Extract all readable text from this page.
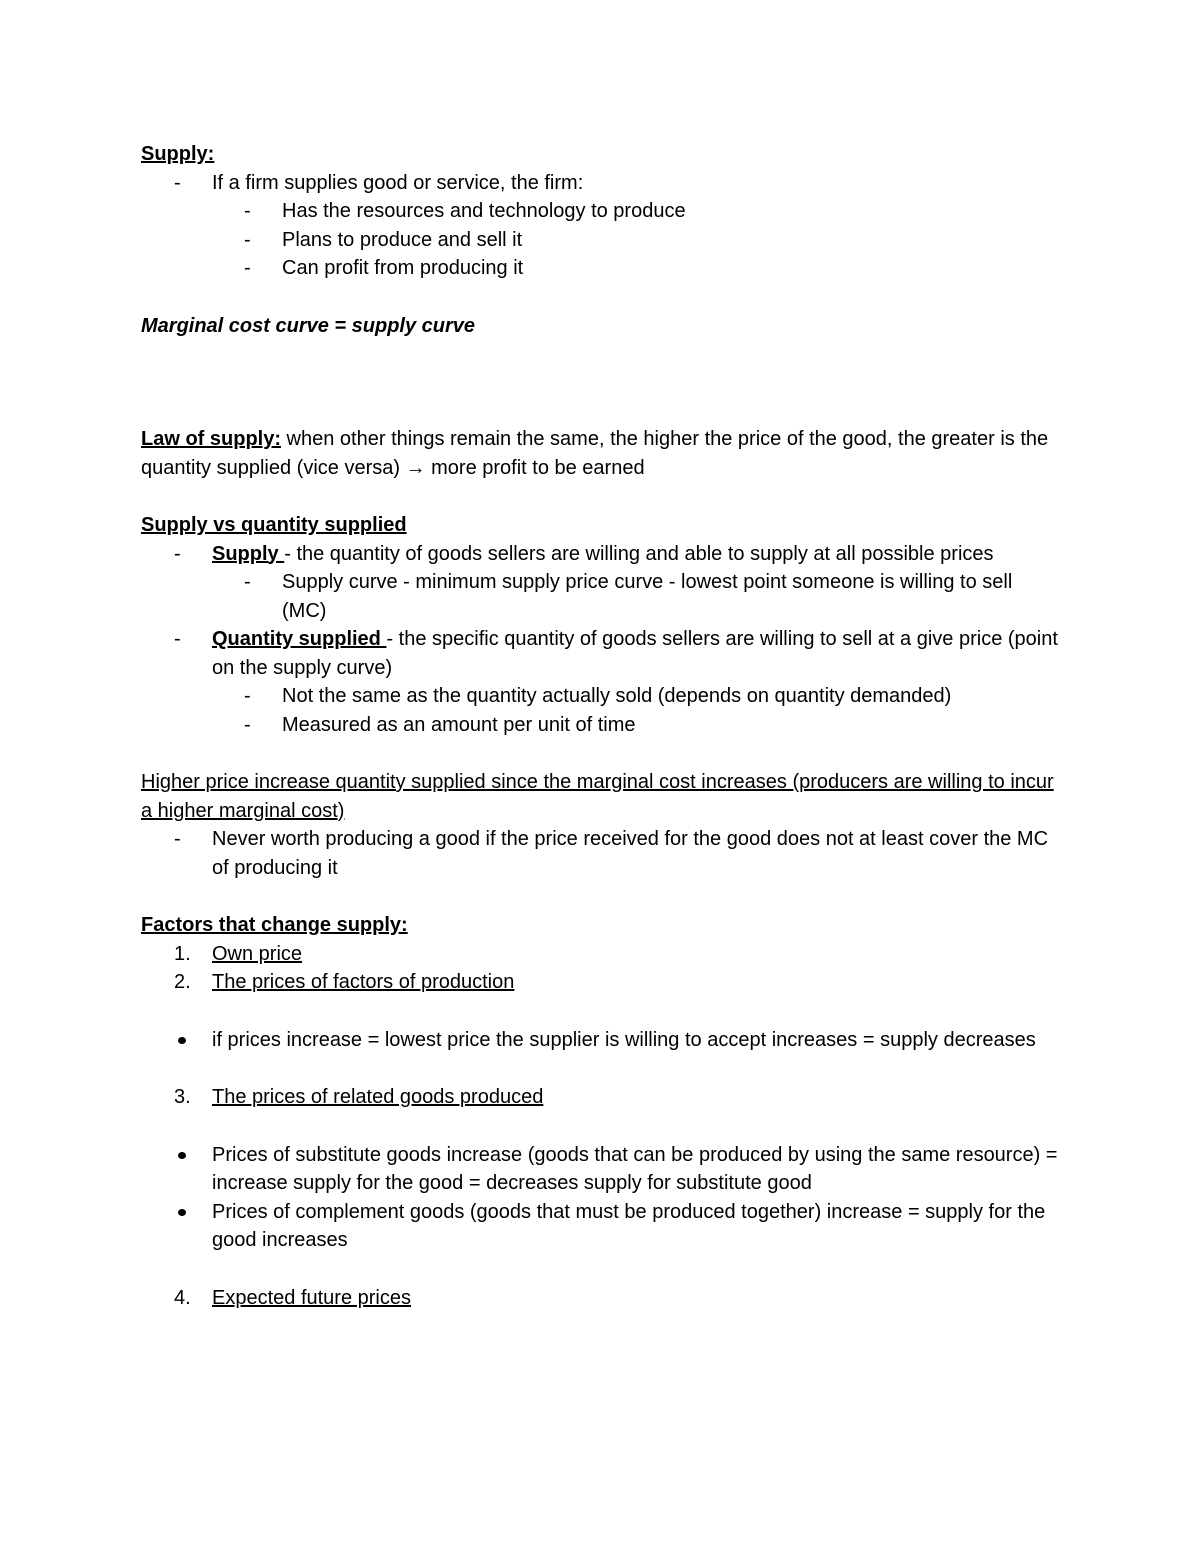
Supply:
- If a firm supplies good or service, the firm:
- Has the resources and technology to produce
- Plans to produce and sell it
- Can profit from producing it
Marginal cost curve = supply curve
Law of supply: when other things remain the same, the higher the price of the good, the greater is the quantity supplied (vice versa) → more profit to be earned
Supply vs quantity supplied
- Supply - the quantity of goods sellers are willing and able to supply at all possible prices
- Supply curve - minimum supply price curve - lowest point someone is willing to sell (MC)
- Quantity supplied - the specific quantity of goods sellers are willing to sell at a give price (point on the supply curve)
- Not the same as the quantity actually sold (depends on quantity demanded)
- Measured as an amount per unit of time
Higher price increase quantity supplied since the marginal cost increases (producers are willing to incur a higher marginal cost)
- Never worth producing a good if the price received for the good does not at least cover the MC of producing it
Factors that change supply:
1. Own price
2. The prices of factors of production
if prices increase = lowest price the supplier is willing to accept increases = supply decreases
3. The prices of related goods produced
Prices of substitute goods increase (goods that can be produced by using the same resource) = increase supply for the good = decreases supply for substitute good
Prices of complement goods (goods that must be produced together) increase = supply for the good increases
4. Expected future prices
